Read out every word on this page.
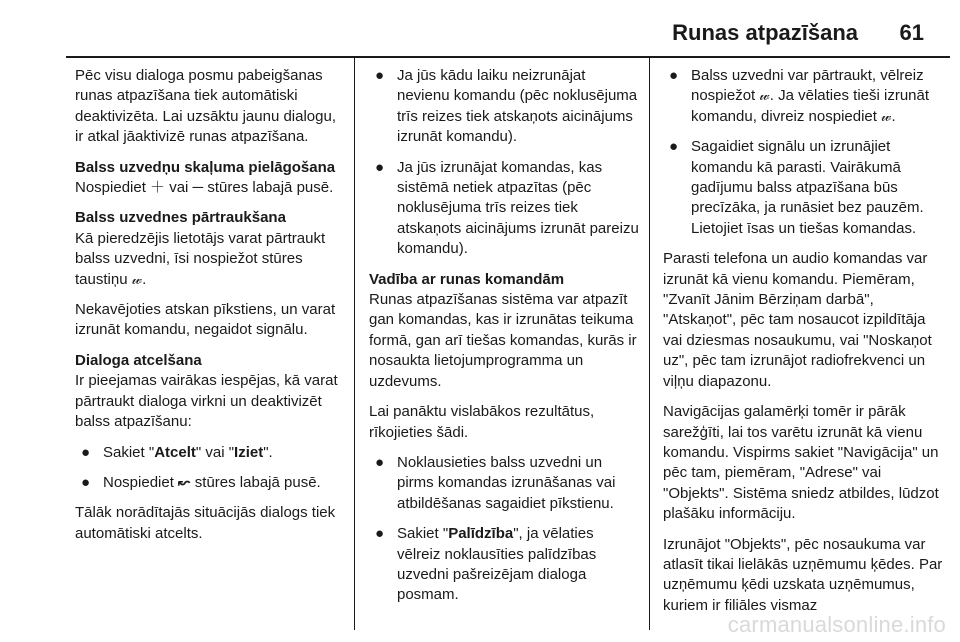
Runas atpazīšana 61

Pēc visu dialoga posmu pabeigšanas runas atpazīšana tiek automātiski deaktivizēta. Lai uzsāktu jaunu dialogu, ir atkal jāaktivizē runas atpazīšana.

Balss uzvedņu skaļuma pielāgošana

Nospiediet ＋ vai ─ stūres labajā pusē.

Balss uzvednes pārtraukšana

Kā pieredzējis lietotājs varat pārtraukt balss uzvedni, īsi nospiežot stūres taustiņu 𝓌.

Nekavējoties atskan pīkstiens, un varat izrunāt komandu, negaidot signālu.

Dialoga atcelšana

Ir pieejamas vairākas iespējas, kā varat pārtraukt dialoga virkni un deaktivizēt balss atpazīšanu:

● Sakiet "Atcelt" vai "Iziet".
● Nospiediet ↜ stūres labajā pusē.

Tālāk norādītajās situācijās dialogs tiek automātiski atcelts.

● Ja jūs kādu laiku neizrunājat nevienu komandu (pēc noklusējuma trīs reizes tiek atskaņots aicinājums izrunāt komandu).
● Ja jūs izrunājat komandas, kas sistēmā netiek atpazītas (pēc noklusējuma trīs reizes tiek atskaņots aicinājums izrunāt pareizu komandu).

Vadība ar runas komandām

Runas atpazīšanas sistēma var atpazīt gan komandas, kas ir izrunātas teikuma formā, gan arī tiešas komandas, kurās ir nosaukta lietojumprogramma un uzdevums.

Lai panāktu vislabākos rezultātus, rīkojieties šādi.

● Noklausieties balss uzvedni un pirms komandas izrunāšanas vai atbildēšanas sagaidiet pīkstienu.
● Sakiet "Palīdzība", ja vēlaties vēlreiz noklausīties palīdzības uzvedni pašreizējam dialoga posmam.
● Balss uzvedni var pārtraukt, vēlreiz nospiežot 𝓌. Ja vēlaties tieši izrunāt komandu, divreiz nospiediet 𝓌.
● Sagaidiet signālu un izrunājiet komandu kā parasti. Vairākumā gadījumu balss atpazīšana būs precīzāka, ja runāsiet bez pauzēm. Lietojiet īsas un tiešas komandas.

Parasti telefona un audio komandas var izrunāt kā vienu komandu. Piemēram, "Zvanīt Jānim Bērziņam darbā", "Atskaņot", pēc tam nosaucot izpildītāja vai dziesmas nosaukumu, vai "Noskaņot uz", pēc tam izrunājot radiofrekvenci un viļņu diapazonu.

Navigācijas galamērķi tomēr ir pārāk sarežģīti, lai tos varētu izrunāt kā vienu komandu. Vispirms sakiet "Navigācija" un pēc tam, piemēram, "Adrese" vai "Objekts". Sistēma sniedz atbildes, lūdzot plašāku informāciju.

Izrunājot "Objekts", pēc nosaukuma var atlasīt tikai lielākās uzņēmumu ķēdes. Par uzņēmumu ķēdi uzskata uzņēmumus, kuriem ir filiāles vismaz

carmanualsonline.info
